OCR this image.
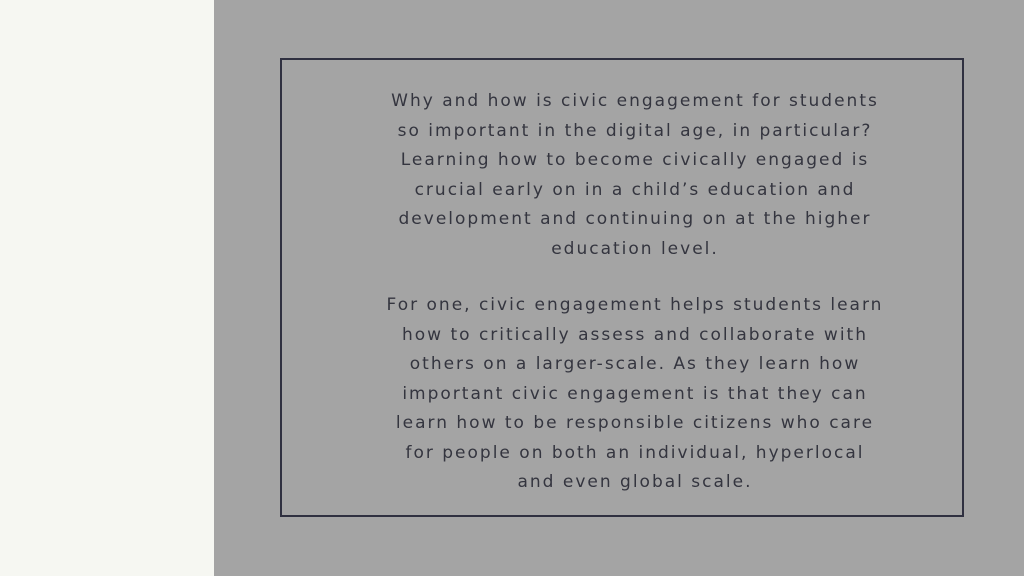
Why and how is civic engagement for students
so important in the digital age, in particular?
Learning how to become civically engaged is
crucial early on in a child’s education and
development and continuing on at the higher
education level.
For one, civic engagement helps students learn
how to critically assess and collaborate with
others on a larger-scale. As they learn how
important civic engagement is that they can
learn how to be responsible citizens who care
for people on both an individual, hyperlocal
and even global scale.
